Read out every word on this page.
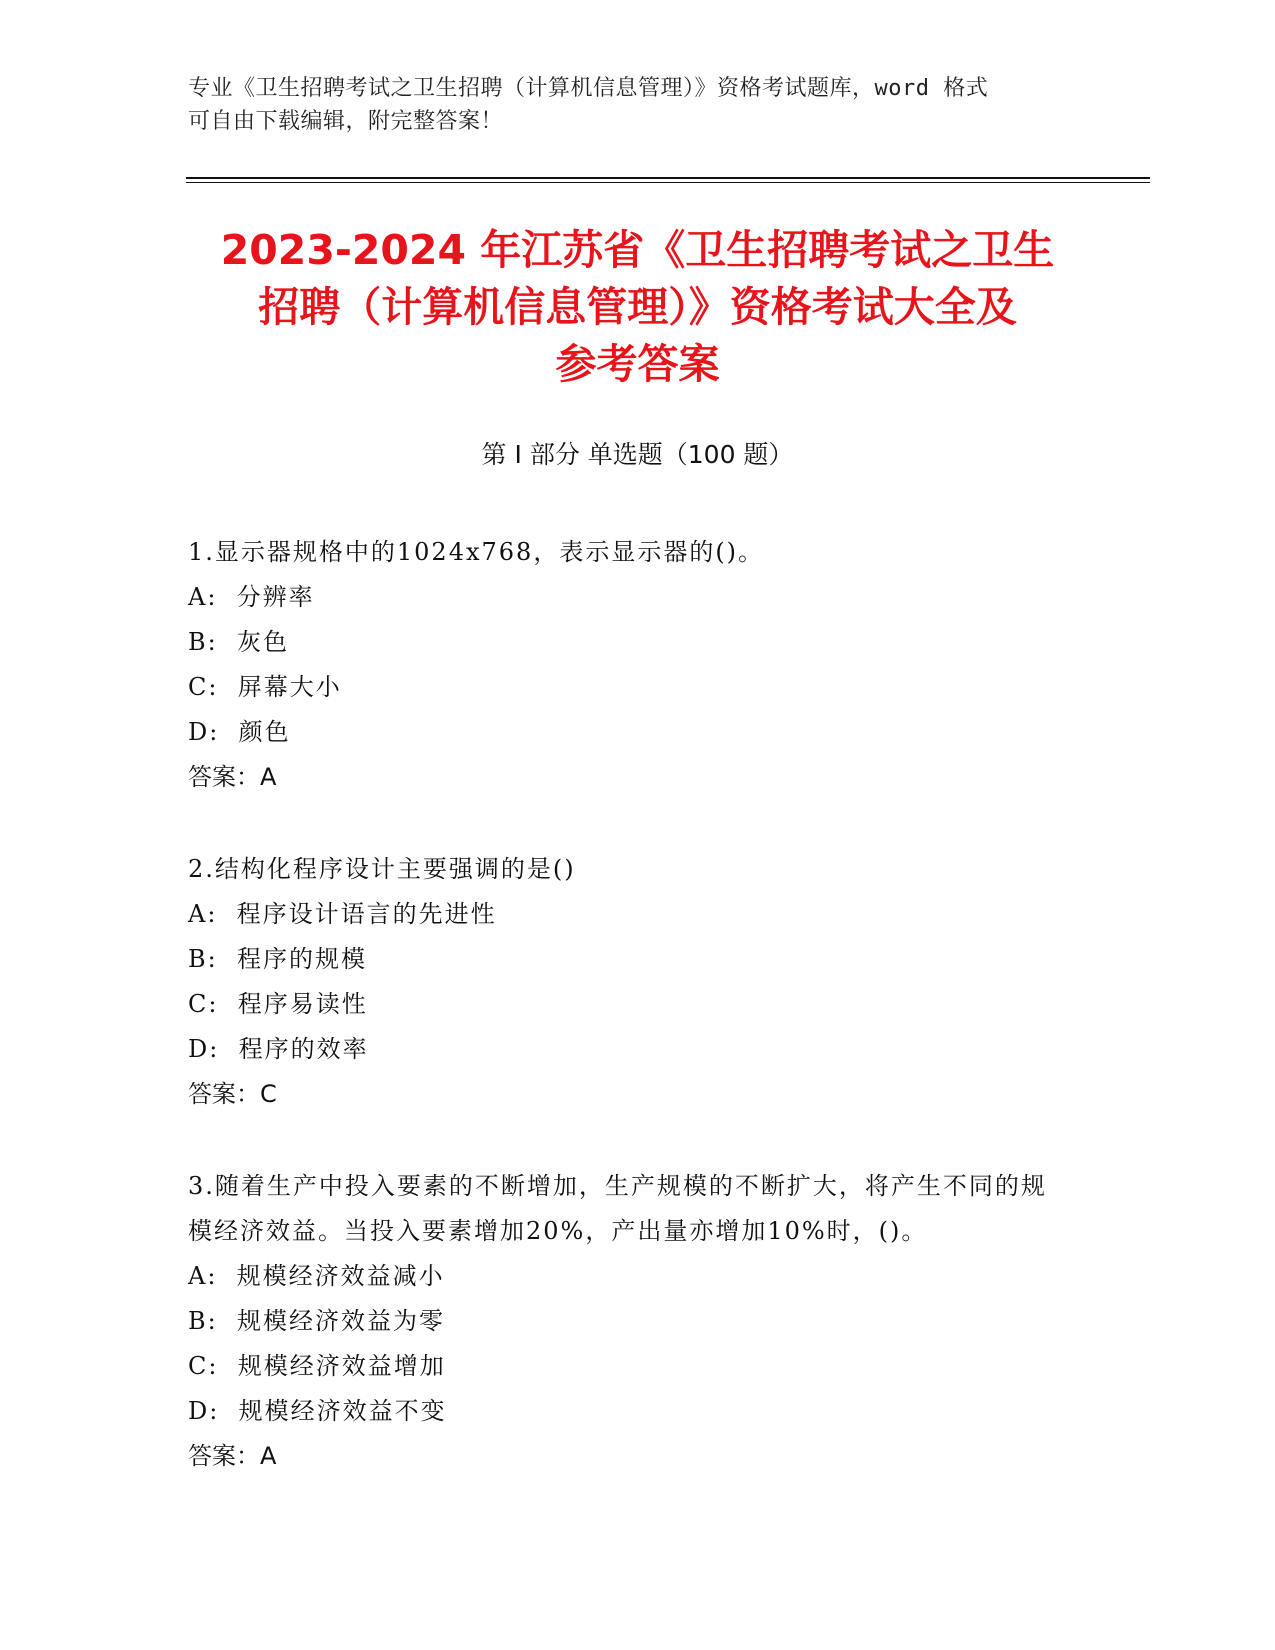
专业《卫生招聘考试之卫生招聘（计算机信息管理）》资格考试题库，word 格式
可自由下载编辑，附完整答案！
2023-2024 年江苏省《卫生招聘考试之卫生
招聘（计算机信息管理）》资格考试大全及
参考答案
第 I 部分 单选题（100 题）
1.显示器规格中的1024x768，表示显示器的()。
A:  分辨率
B:  灰色
C:  屏幕大小
D:  颜色
答案：A
2.结构化程序设计主要强调的是()
A:  程序设计语言的先进性
B:  程序的规模
C:  程序易读性
D:  程序的效率
答案：C
3.随着生产中投入要素的不断增加，生产规模的不断扩大，将产生不同的规模经济效益。当投入要素增加20%，产出量亦增加10%时，()。
A:  规模经济效益减小
B:  规模经济效益为零
C:  规模经济效益增加
D:  规模经济效益不变
答案：A
